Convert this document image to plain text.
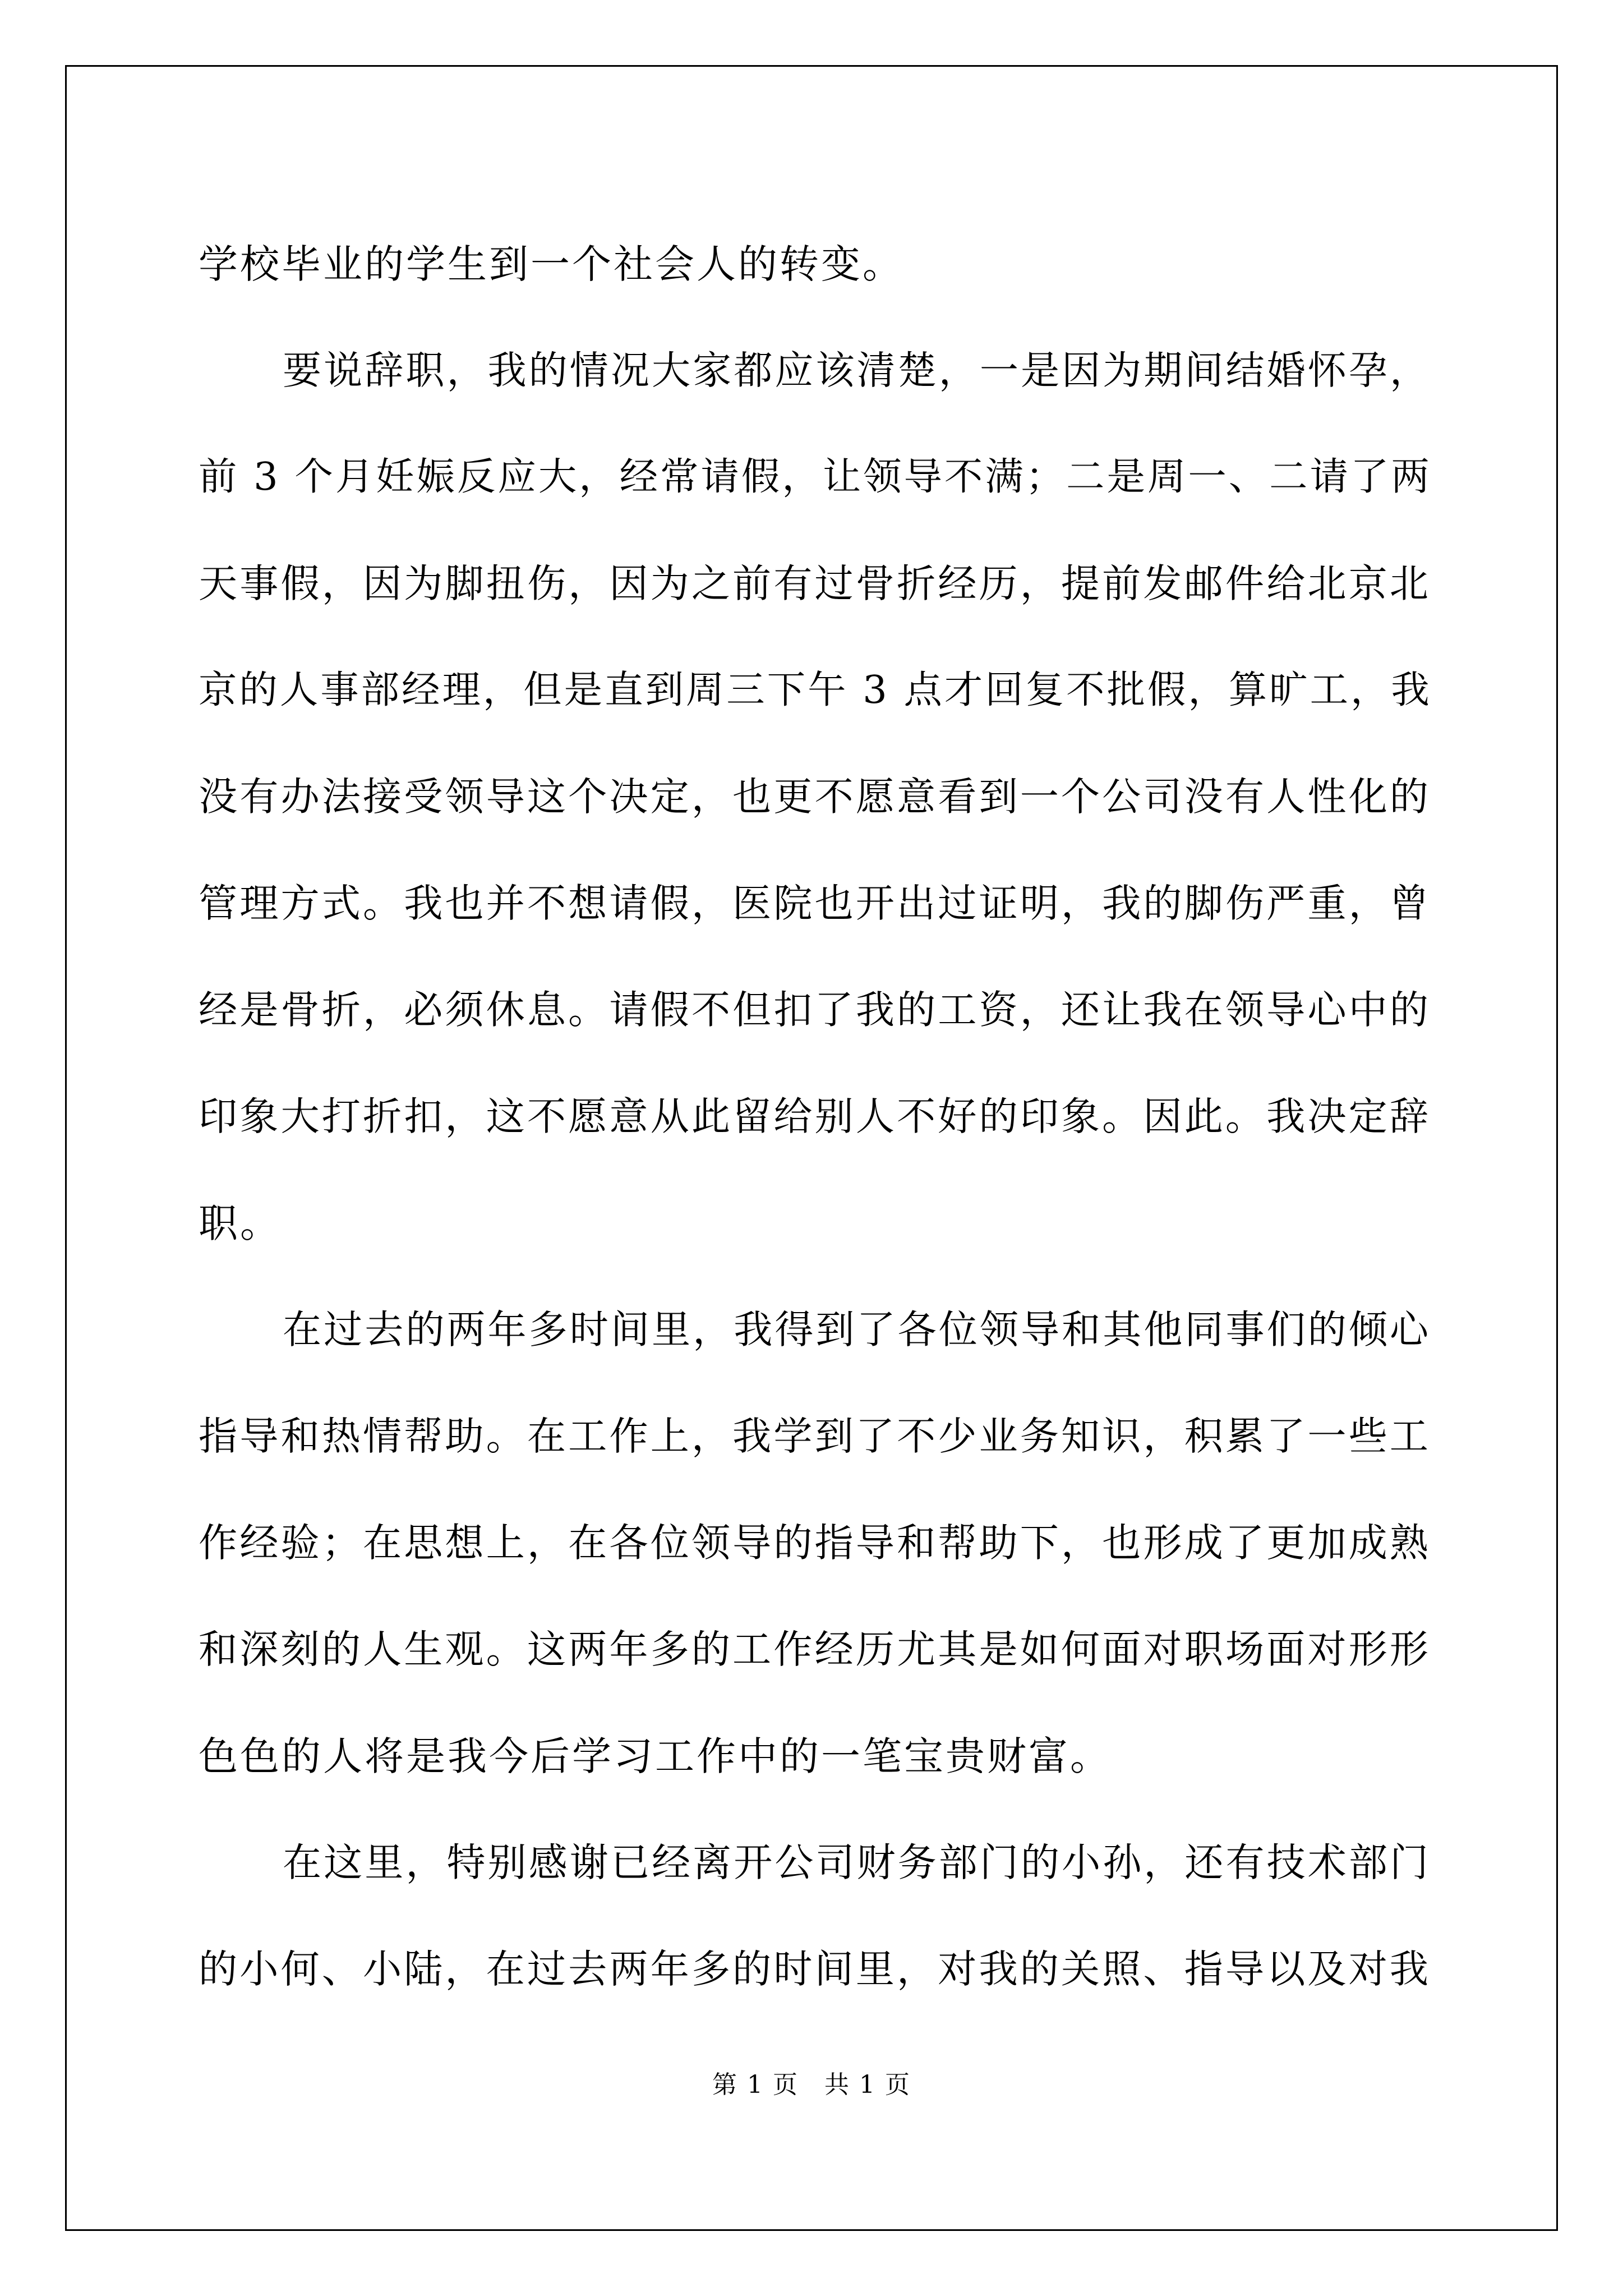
学校毕业的学生到一个社会人的转变。
要说辞职，我的情况大家都应该清楚，一是因为期间结婚怀孕，
前 3 个月妊娠反应大，经常请假，让领导不满；二是周一、二请了两
天事假，因为脚扭伤，因为之前有过骨折经历，提前发邮件给北京北
京的人事部经理，但是直到周三下午 3 点才回复不批假，算旷工，我
没有办法接受领导这个决定，也更不愿意看到一个公司没有人性化的
管理方式。我也并不想请假，医院也开出过证明，我的脚伤严重，曾
经是骨折，必须休息。请假不但扣了我的工资，还让我在领导心中的
印象大打折扣，这不愿意从此留给别人不好的印象。因此。我决定辞
职。
在过去的两年多时间里，我得到了各位领导和其他同事们的倾心
指导和热情帮助。在工作上，我学到了不少业务知识，积累了一些工
作经验；在思想上，在各位领导的指导和帮助下，也形成了更加成熟
和深刻的人生观。这两年多的工作经历尤其是如何面对职场面对形形
色色的人将是我今后学习工作中的一笔宝贵财富。
在这里，特别感谢已经离开公司财务部门的小孙，还有技术部门
的小何、小陆，在过去两年多的时间里，对我的关照、指导以及对我
第 1 页　共 1 页
